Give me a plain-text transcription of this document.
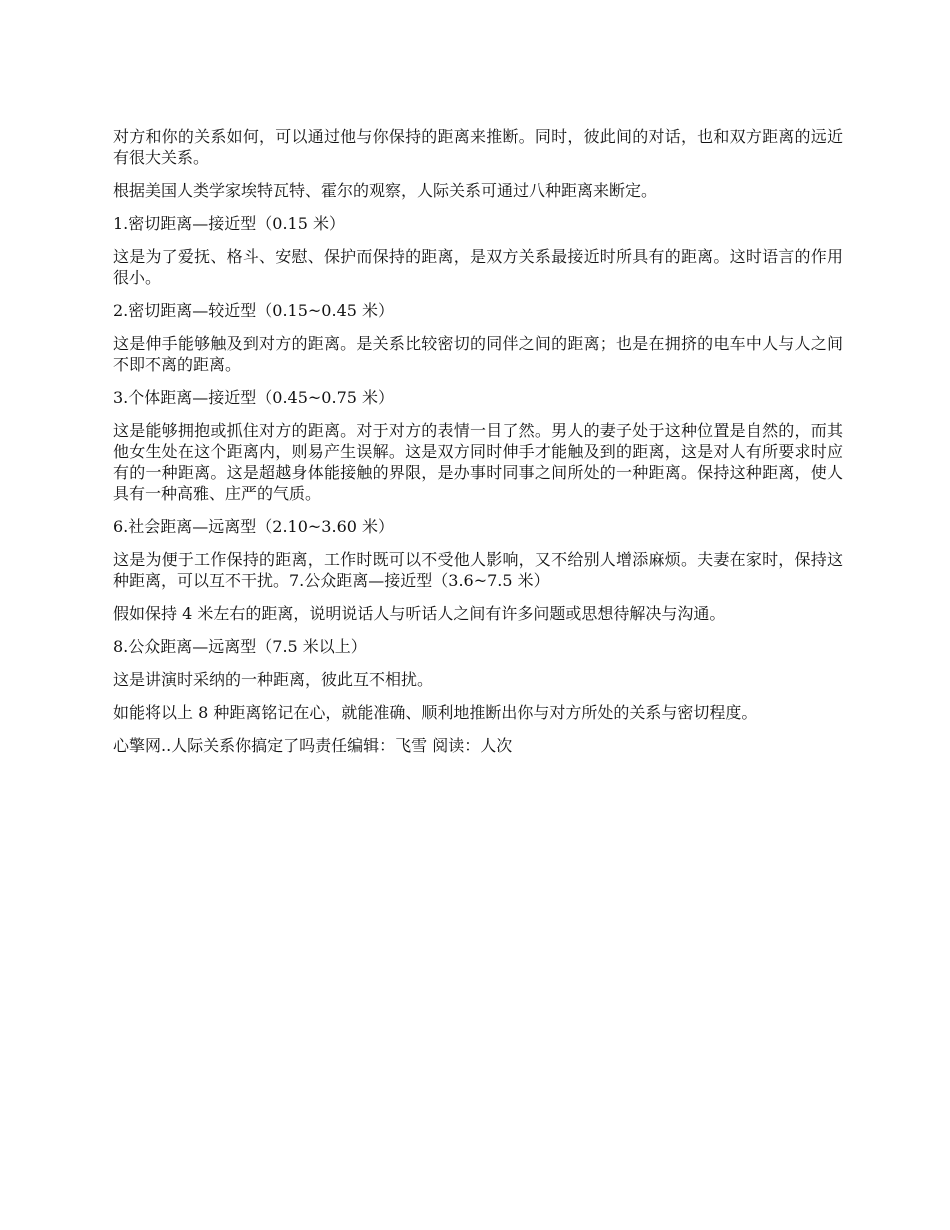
对方和你的关系如何，可以通过他与你保持的距离来推断。同时，彼此间的对话，也和双方距离的远近有很大关系。

根据美国人类学家埃特瓦特、霍尔的观察，人际关系可通过八种距离来断定。

1.密切距离—接近型（0.15 米）

这是为了爱抚、格斗、安慰、保护而保持的距离，是双方关系最接近时所具有的距离。这时语言的作用很小。

2.密切距离—较近型（0.15~0.45 米）

这是伸手能够触及到对方的距离。是关系比较密切的同伴之间的距离；也是在拥挤的电车中人与人之间不即不离的距离。

3.个体距离—接近型（0.45~0.75 米）

这是能够拥抱或抓住对方的距离。对于对方的表情一目了然。男人的妻子处于这种位置是自然的，而其他女生处在这个距离内，则易产生误解。这是双方同时伸手才能触及到的距离，这是对人有所要求时应有的一种距离。这是超越身体能接触的界限，是办事时同事之间所处的一种距离。保持这种距离，使人具有一种高雅、庄严的气质。

6.社会距离—远离型（2.10~3.60 米）

这是为便于工作保持的距离，工作时既可以不受他人影响，又不给别人增添麻烦。夫妻在家时，保持这种距离，可以互不干扰。7.公众距离—接近型（3.6~7.5 米）

假如保持 4 米左右的距离，说明说话人与听话人之间有许多问题或思想待解决与沟通。

8.公众距离—远离型（7.5 米以上）

这是讲演时采纳的一种距离，彼此互不相扰。

如能将以上 8 种距离铭记在心，就能准确、顺利地推断出你与对方所处的关系与密切程度。

心擎网..人际关系你搞定了吗责任编辑：飞雪 阅读：人次
